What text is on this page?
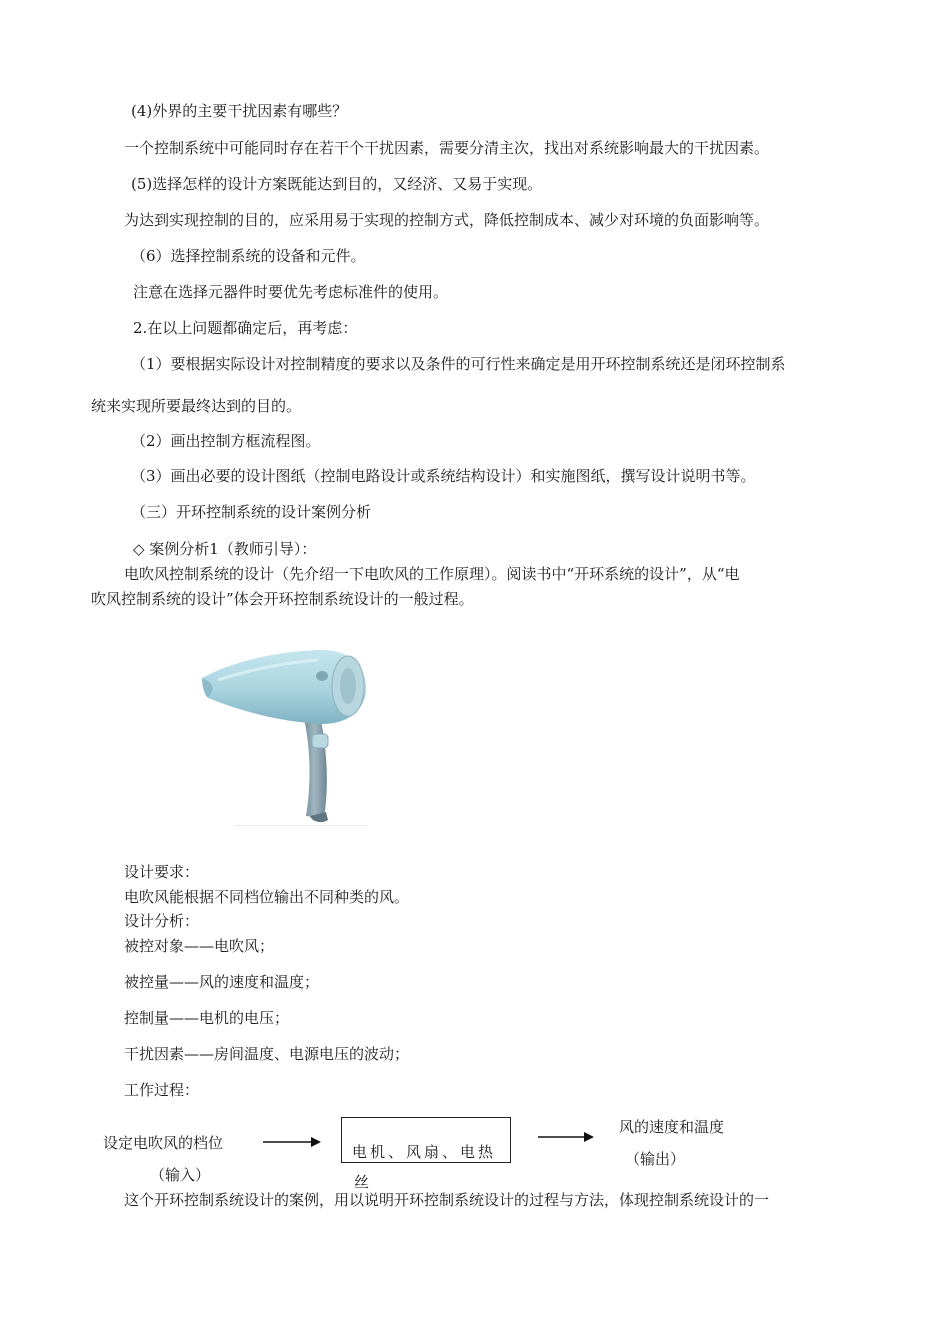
(4)外界的主要干扰因素有哪些？
一个控制系统中可能同时存在若干个干扰因素，需要分清主次，找出对系统影响最大的干扰因素。
(5)选择怎样的设计方案既能达到目的，又经济、又易于实现。
为达到实现控制的目的，应采用易于实现的控制方式，降低控制成本、减少对环境的负面影响等。
（6）选择控制系统的设备和元件。
注意在选择元器件时要优先考虑标准件的使用。
2.在以上问题都确定后，再考虑：
（1）要根据实际设计对控制精度的要求以及条件的可行性来确定是用开环控制系统还是闭环控制系
统来实现所要最终达到的目的。
（2）画出控制方框流程图。
（3）画出必要的设计图纸（控制电路设计或系统结构设计）和实施图纸，撰写设计说明书等。
（三）开环控制系统的设计案例分析
◇ 案例分析1（教师引导）：
电吹风控制系统的设计（先介绍一下电吹风的工作原理）。阅读书中“开环系统的设计”，从“电
吹风控制系统的设计”体会开环控制系统设计的一般过程。
设计要求：
电吹风能根据不同档位输出不同种类的风。
设计分析：
被控对象——电吹风；
被控量——风的速度和温度；
控制量——电机的电压；
干扰因素——房间温度、电源电压的波动；
工作过程：
设定电吹风的档位
（输入）
电机、风扇、电热
丝
风的速度和温度
（输出）
这个开环控制系统设计的案例，用以说明开环控制系统设计的过程与方法，体现控制系统设计的一
